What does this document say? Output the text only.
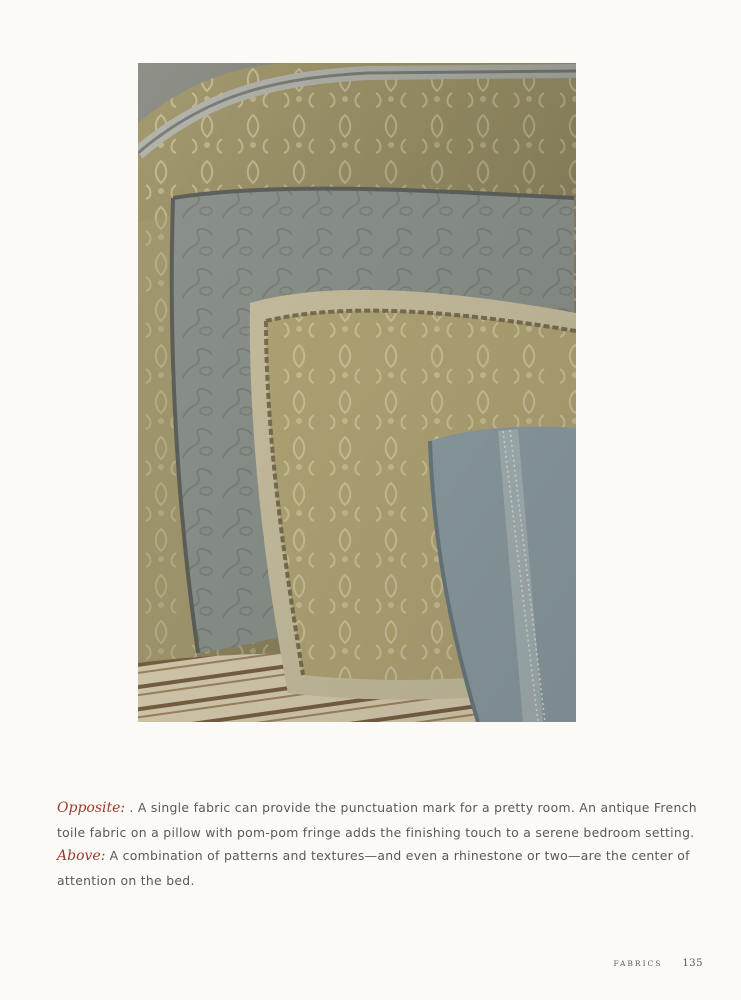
Opposite: . A single fabric can provide the punctuation mark for a pretty room. An antique French toile fabric on a pillow with pom-pom fringe adds the finishing touch to a serene bedroom setting. Above: A combination of patterns and textures—and even a rhinestone or two—are the center of attention on the bed.

FABRICS 135
